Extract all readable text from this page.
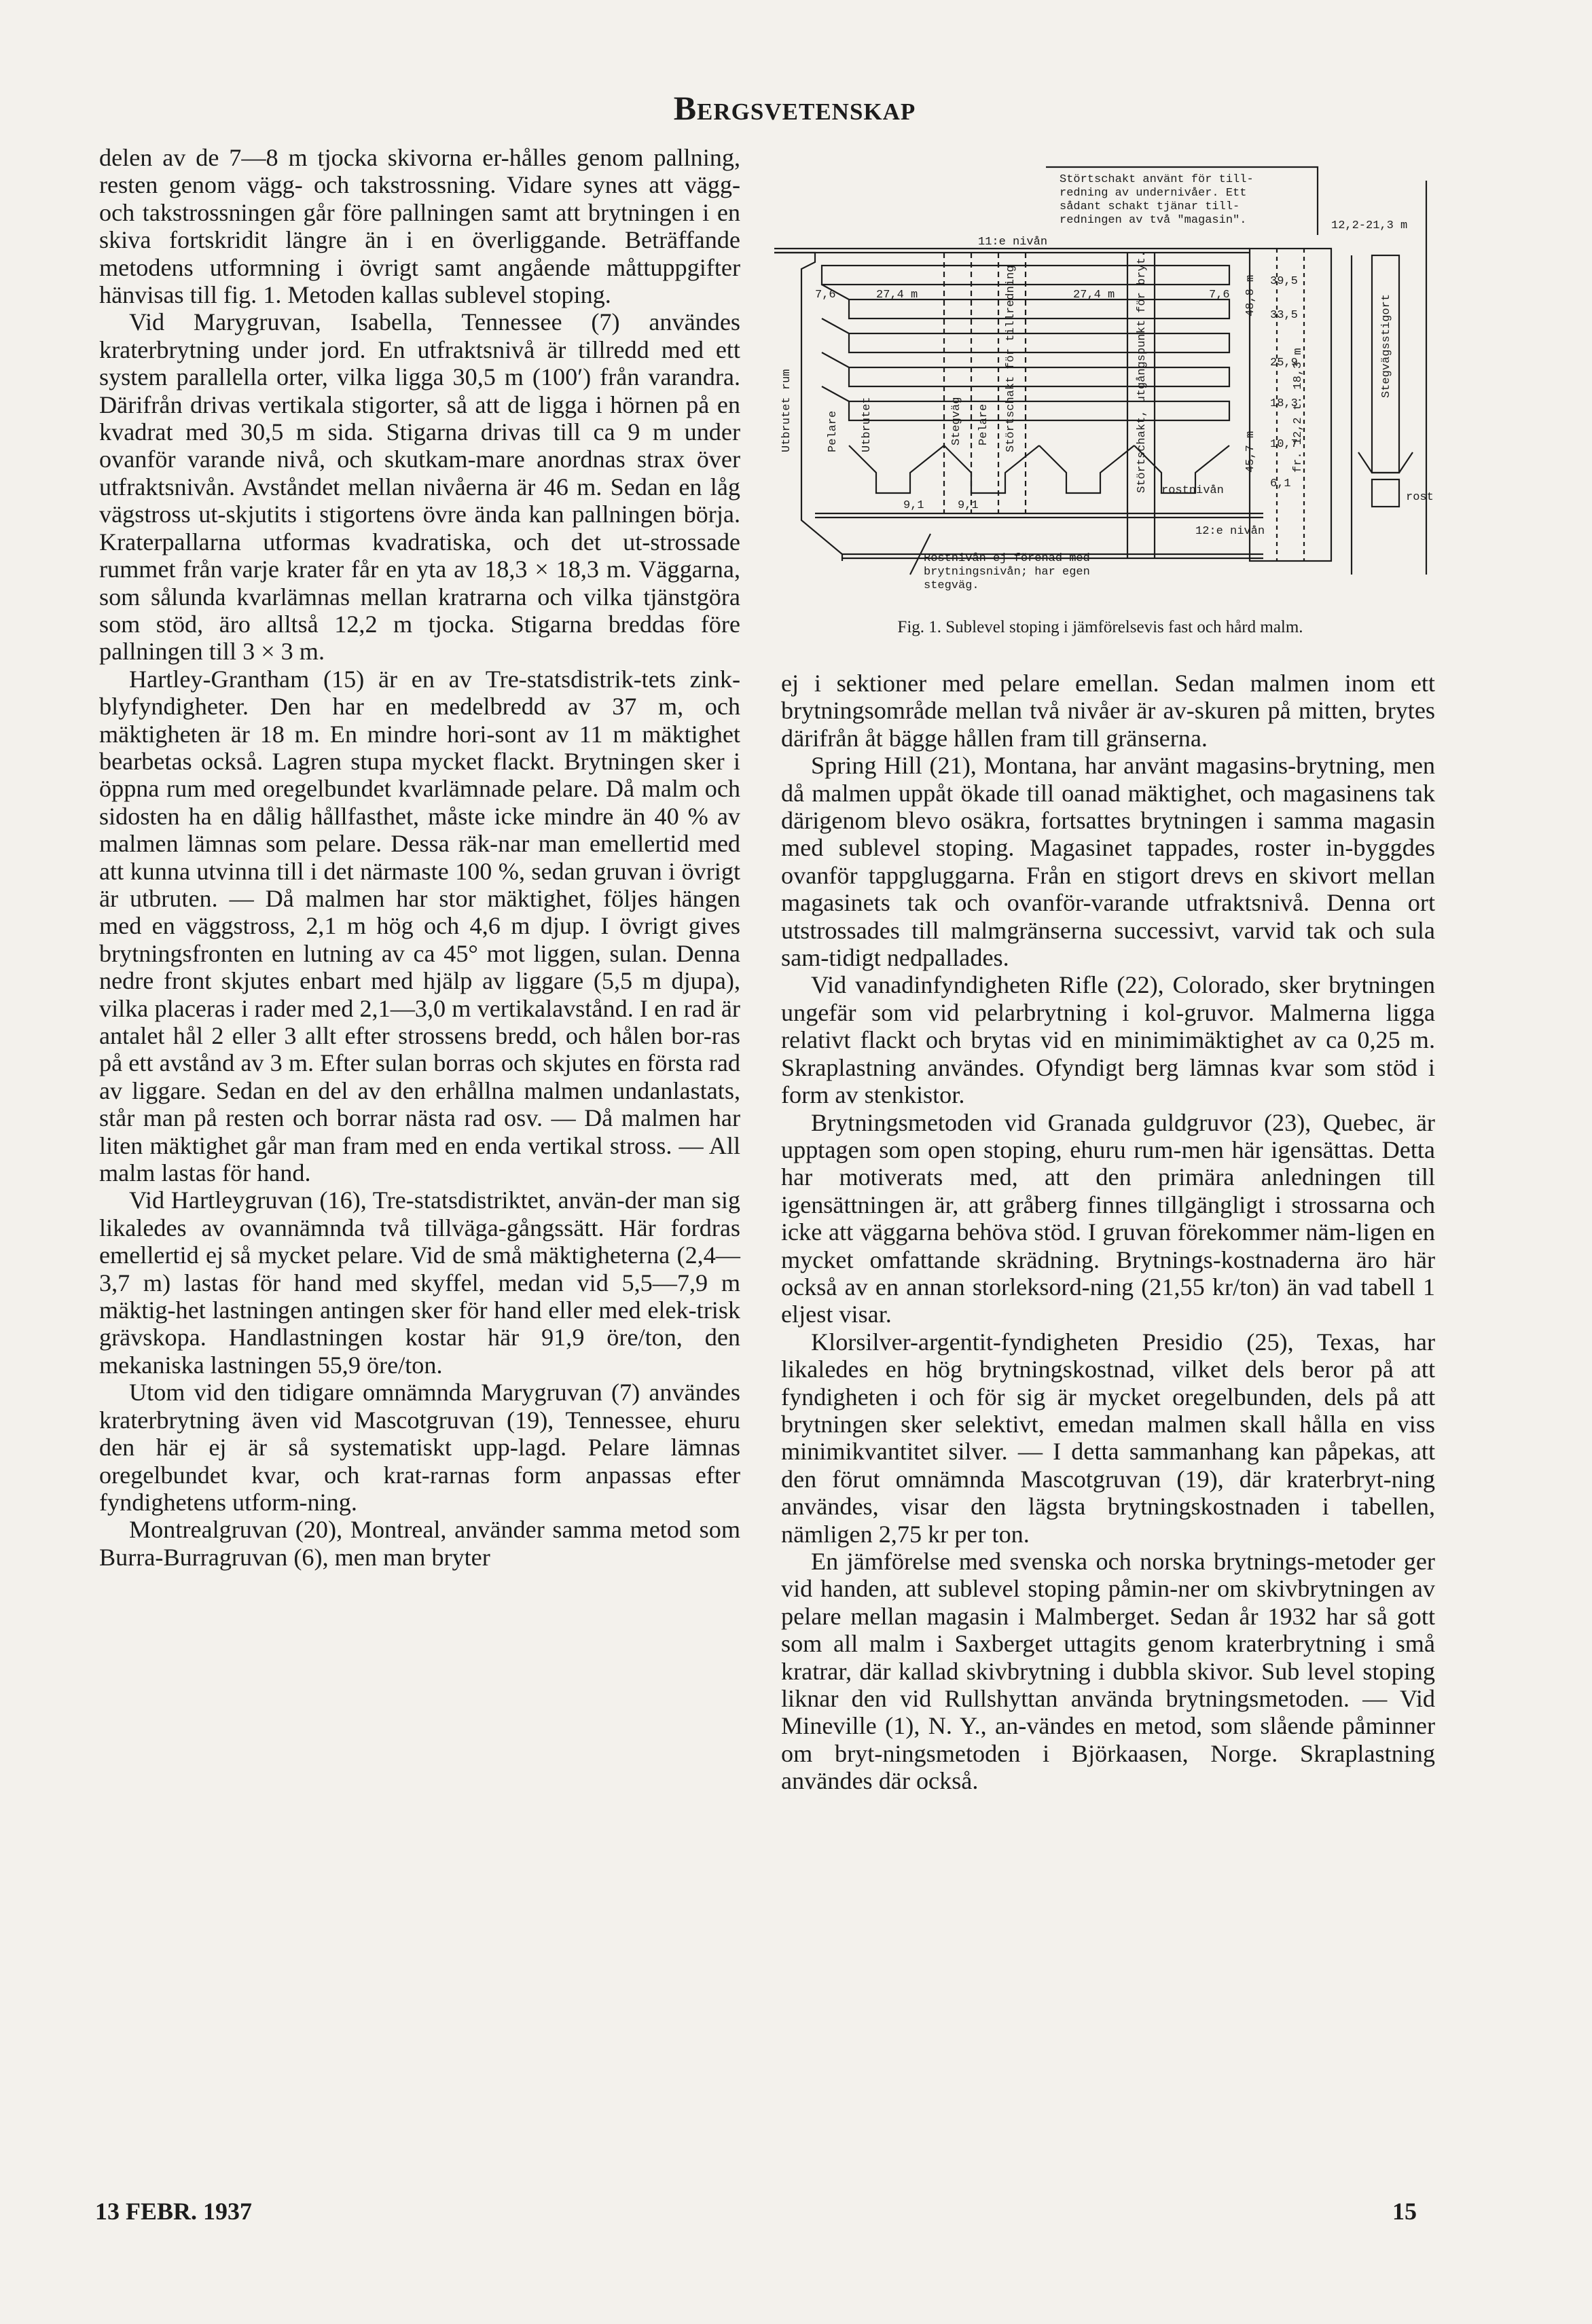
Bergsvetenskap
Störtschakt använt för till-
redning av undernivåer. Ett
sådant schakt tjänar till-
redningen av två "magasin".
11:e nivån
12,2-21,3 m
7,6	27,4 m	27,4 m	7,6
39,5
33,5
25,9
18,3
10,7
6,1
9,1	9,1
rostnivån
12:e nivån
rost
Rostnivån ej förenad med
brytningsnivån; har egen
stegväg.
Utbrutet rum	Pelare Utbrutet	Stegväg Pelare Störtschakt för tillredning	Störtschakt, utgångspunkt för bryt.	45,7 m
48,8 m
fr. 12,2 t. 18,3 m
Stegvägsstigort
Fig. 1. Sublevel stoping i jämförelsevis fast och hård malm.

delen av de 7—8 m tjocka skivorna er-hålles genom pallning, resten genom vägg- och takstrossning. Vidare synes att vägg- och takstrossningen går före pallningen samt att brytningen i en skiva fortskridit längre än i en överliggande. Beträffande metodens utformning i övrigt samt angående måttuppgifter hänvisas till fig. 1. Metoden kallas sublevel stoping.

Vid Marygruvan, Isabella, Tennessee (7) användes kraterbrytning under jord. En utfraktsnivå är tillredd med ett system parallella orter, vilka ligga 30,5 m (100′) från varandra. Därifrån drivas vertikala stigorter, så att de ligga i hörnen på en kvadrat med 30,5 m sida. Stigarna drivas till ca 9 m under ovanför varande nivå, och skutkam-mare anordnas strax över utfraktsnivån. Avståndet mellan nivåerna är 46 m. Sedan en låg vägstross ut-skjutits i stigortens övre ända kan pallningen börja. Kraterpallarna utformas kvadratiska, och det ut-strossade rummet från varje krater får en yta av 18,3 × 18,3 m. Väggarna, som sålunda kvarlämnas mellan kratrarna och vilka tjänstgöra som stöd, äro alltså 12,2 m tjocka. Stigarna breddas före pallningen till 3 × 3 m.

Hartley-Grantham (15) är en av Tre-statsdistrik-tets zink-blyfyndigheter. Den har en medelbredd av 37 m, och mäktigheten är 18 m. En mindre hori-sont av 11 m mäktighet bearbetas också. Lagren stupa mycket flackt. Brytningen sker i öppna rum med oregelbundet kvarlämnade pelare. Då malm och sidosten ha en dålig hållfasthet, måste icke mindre än 40 % av malmen lämnas som pelare. Dessa räk-nar man emellertid med att kunna utvinna till i det närmaste 100 %, sedan gruvan i övrigt är utbruten. — Då malmen har stor mäktighet, följes hängen med en väggstross, 2,1 m hög och 4,6 m djup. I övrigt gives brytningsfronten en lutning av ca 45° mot liggen, sulan. Denna nedre front skjutes enbart med hjälp av liggare (5,5 m djupa), vilka placeras i rader med 2,1—3,0 m vertikalavstånd. I en rad är antalet hål 2 eller 3 allt efter strossens bredd, och hålen bor-ras på ett avstånd av 3 m. Efter sulan borras och skjutes en första rad av liggare. Sedan en del av den erhållna malmen undanlastats, står man på resten och borrar nästa rad osv. — Då malmen har liten mäktighet går man fram med en enda vertikal stross. — All malm lastas för hand.

Vid Hartleygruvan (16), Tre-statsdistriktet, använ-der man sig likaledes av ovannämnda två tillväga-gångssätt. Här fordras emellertid ej så mycket pelare. Vid de små mäktigheterna (2,4—3,7 m) lastas för hand med skyffel, medan vid 5,5—7,9 m mäktig-het lastningen antingen sker för hand eller med elek-trisk grävskopa. Handlastningen kostar här 91,9 öre/ton, den mekaniska lastningen 55,9 öre/ton.

Utom vid den tidigare omnämnda Marygruvan (7) användes kraterbrytning även vid Mascotgruvan (19), Tennessee, ehuru den här ej är så systematiskt upp-lagd. Pelare lämnas oregelbundet kvar, och krat-rarnas form anpassas efter fyndighetens utform-ning.

Montrealgruvan (20), Montreal, använder samma metod som Burra-Burragruvan (6), men man bryter

ej i sektioner med pelare emellan. Sedan malmen inom ett brytningsområde mellan två nivåer är av-skuren på mitten, brytes därifrån åt bägge hållen fram till gränserna.

Spring Hill (21), Montana, har använt magasins-brytning, men då malmen uppåt ökade till oanad mäktighet, och magasinens tak därigenom blevo osäkra, fortsattes brytningen i samma magasin med sublevel stoping. Magasinet tappades, roster in-byggdes ovanför tappgluggarna. Från en stigort drevs en skivort mellan magasinets tak och ovanför-varande utfraktsnivå. Denna ort utstrossades till malmgränserna successivt, varvid tak och sula sam-tidigt nedpallades.

Vid vanadinfyndigheten Rifle (22), Colorado, sker brytningen ungefär som vid pelarbrytning i kol-gruvor. Malmerna ligga relativt flackt och brytas vid en minimimäktighet av ca 0,25 m. Skraplastning användes. Ofyndigt berg lämnas kvar som stöd i form av stenkistor.

Brytningsmetoden vid Granada guldgruvor (23), Quebec, är upptagen som open stoping, ehuru rum-men här igensättas. Detta har motiverats med, att den primära anledningen till igensättningen är, att gråberg finnes tillgängligt i strossarna och icke att väggarna behöva stöd. I gruvan förekommer näm-ligen en mycket omfattande skrädning. Brytnings-kostnaderna äro här också av en annan storleksord-ning (21,55 kr/ton) än vad tabell 1 eljest visar.

Klorsilver-argentit-fyndigheten Presidio (25), Texas, har likaledes en hög brytningskostnad, vilket dels beror på att fyndigheten i och för sig är mycket oregelbunden, dels på att brytningen sker selektivt, emedan malmen skall hålla en viss minimikvantitet silver. — I detta sammanhang kan påpekas, att den förut omnämnda Mascotgruvan (19), där kraterbryt-ning användes, visar den lägsta brytningskostnaden i tabellen, nämligen 2,75 kr per ton.

En jämförelse med svenska och norska brytnings-metoder ger vid handen, att sublevel stoping påmin-ner om skivbrytningen av pelare mellan magasin i Malmberget. Sedan år 1932 har så gott som all malm i Saxberget uttagits genom kraterbrytning i små kratrar, där kallad skivbrytning i dubbla skivor. Sub level stoping liknar den vid Rullshyttan använda brytningsmetoden. — Vid Mineville (1), N. Y., an-vändes en metod, som slående påminner om bryt-ningsmetoden i Björkaasen, Norge. Skraplastning användes där också.

13 FEBR. 1937	15
